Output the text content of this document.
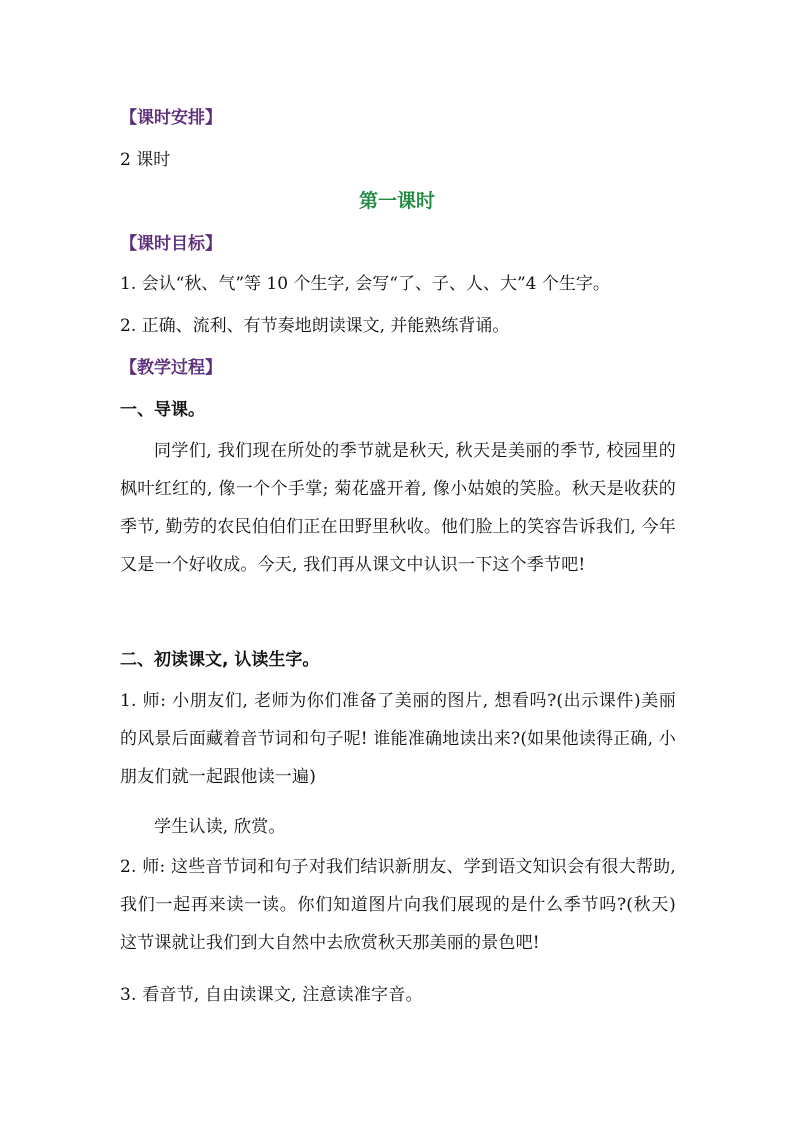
【课时安排】
2 课时
第一课时
【课时目标】
1. 会认“秋、气”等 10 个生字, 会写“了、子、人、大”4 个生字。
2. 正确、流利、有节奏地朗读课文, 并能熟练背诵。
【教学过程】
一、导课。
同学们, 我们现在所处的季节就是秋天, 秋天是美丽的季节, 校园里的枫叶红红的, 像一个个手掌; 菊花盛开着, 像小姑娘的笑脸。秋天是收获的季节, 勤劳的农民伯伯们正在田野里秋收。他们脸上的笑容告诉我们, 今年又是一个好收成。今天, 我们再从课文中认识一下这个季节吧!
二、初读课文, 认读生字。
1. 师: 小朋友们, 老师为你们准备了美丽的图片, 想看吗?(出示课件)美丽的风景后面藏着音节词和句子呢! 谁能准确地读出来?(如果他读得正确, 小朋友们就一起跟他读一遍)
学生认读, 欣赏。
2. 师: 这些音节词和句子对我们结识新朋友、学到语文知识会有很大帮助, 我们一起再来读一读。你们知道图片向我们展现的是什么季节吗?(秋天)这节课就让我们到大自然中去欣赏秋天那美丽的景色吧!
3. 看音节, 自由读课文, 注意读准字音。
